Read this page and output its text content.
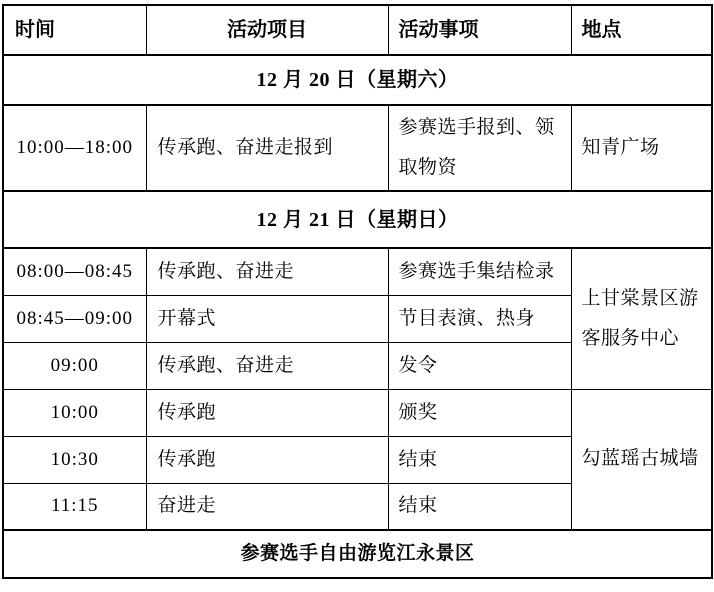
时间	活动项目	活动事项	地点
12 月 20 日（星期六）			
10:00—18:00	传承跑、奋进走报到	参赛选手报到、领取物资	知青广场
12 月 21 日（星期日）			
08:00—08:45	传承跑、奋进走	参赛选手集结检录	上甘棠景区游客服务中心
08:45—09:00	开幕式	节目表演、热身	
09:00	传承跑、奋进走	发令	
10:00	传承跑	颁奖	勾蓝瑶古城墙
10:30	传承跑	结束	
11:15	奋进走	结束	
参赛选手自由游览江永景区			
